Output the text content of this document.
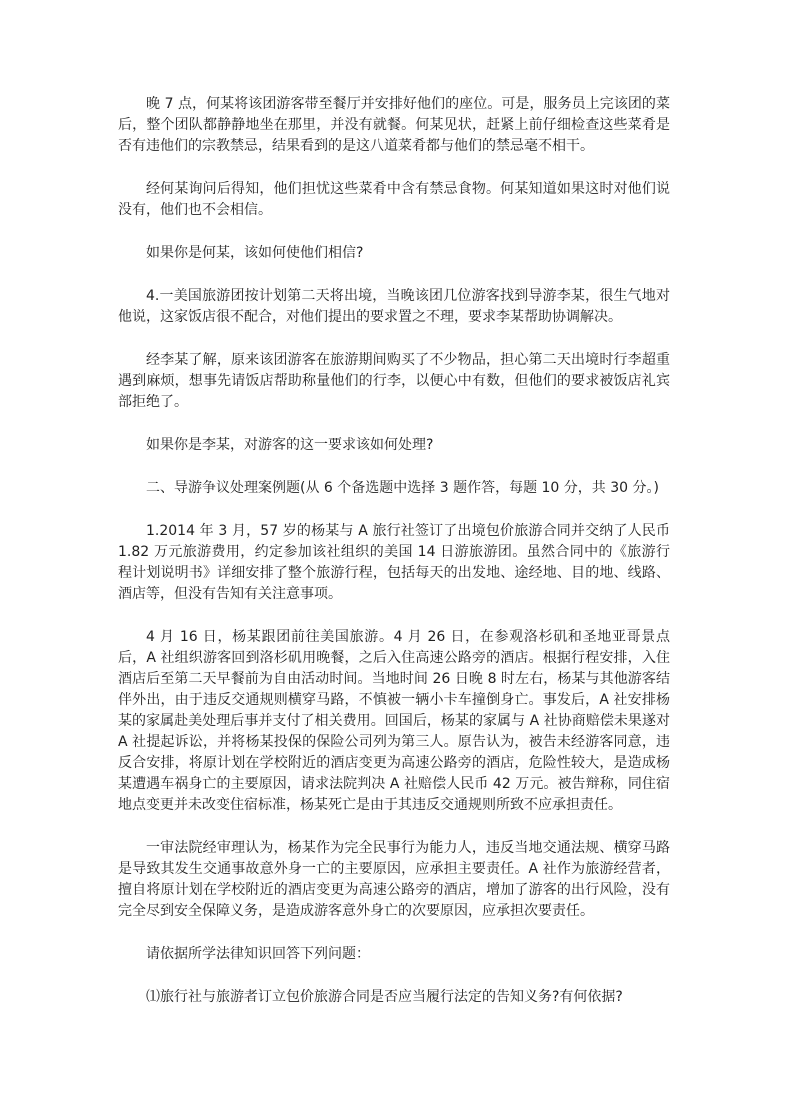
晚 7 点，何某将该团游客带至餐厅并安排好他们的座位。可是，服务员上完该团的菜后，整个团队都静静地坐在那里，并没有就餐。何某见状，赶紧上前仔细检查这些菜肴是否有违他们的宗教禁忌，结果看到的是这八道菜肴都与他们的禁忌毫不相干。

经何某询问后得知，他们担忧这些菜肴中含有禁忌食物。何某知道如果这时对他们说没有，他们也不会相信。

如果你是何某，该如何使他们相信?

4.一美国旅游团按计划第二天将出境，当晚该团几位游客找到导游李某，很生气地对他说，这家饭店很不配合，对他们提出的要求置之不理，要求李某帮助协调解决。

经李某了解，原来该团游客在旅游期间购买了不少物品，担心第二天出境时行李超重遇到麻烦，想事先请饭店帮助称量他们的行李，以便心中有数，但他们的要求被饭店礼宾部拒绝了。

如果你是李某，对游客的这一要求该如何处理?

二、导游争议处理案例题(从 6 个备选题中选择 3 题作答，每题 10 分，共 30 分。)

1.2014 年 3 月，57 岁的杨某与 A 旅行社签订了出境包价旅游合同并交纳了人民币 1.82 万元旅游费用，约定参加该社组织的美国 14 日游旅游团。虽然合同中的《旅游行程计划说明书》详细安排了整个旅游行程，包括每天的出发地、途经地、目的地、线路、酒店等，但没有告知有关注意事项。

4 月 16 日，杨某跟团前往美国旅游。4 月 26 日，在参观洛杉矶和圣地亚哥景点后，A 社组织游客回到洛杉矶用晚餐，之后入住高速公路旁的酒店。根据行程安排，入住酒店后至第二天早餐前为自由活动时间。当地时间 26 日晚 8 时左右，杨某与其他游客结伴外出，由于违反交通规则横穿马路，不慎被一辆小卡车撞倒身亡。事发后，A 社安排杨某的家属赴美处理后事并支付了相关费用。回国后，杨某的家属与 A 社协商赔偿未果遂对 A 社提起诉讼，并将杨某投保的保险公司列为第三人。原告认为，被告未经游客同意，违反合安排，将原计划在学校附近的酒店变更为高速公路旁的酒店，危险性较大，是造成杨某遭遇车祸身亡的主要原因，请求法院判决 A 社赔偿人民币 42 万元。被告辩称，同住宿地点变更并未改变住宿标准，杨某死亡是由于其违反交通规则所致不应承担责任。

一审法院经审理认为，杨某作为完全民事行为能力人，违反当地交通法规、横穿马路是导致其发生交通事故意外身一亡的主要原因，应承担主要责任。A 社作为旅游经营者，擅自将原计划在学校附近的酒店变更为高速公路旁的酒店，增加了游客的出行风险，没有完全尽到安全保障义务，是造成游客意外身亡的次要原因，应承担次要责任。

请依据所学法律知识回答下列问题：

⑴旅行社与旅游者订立包价旅游合同是否应当履行法定的告知义务?有何依据?
